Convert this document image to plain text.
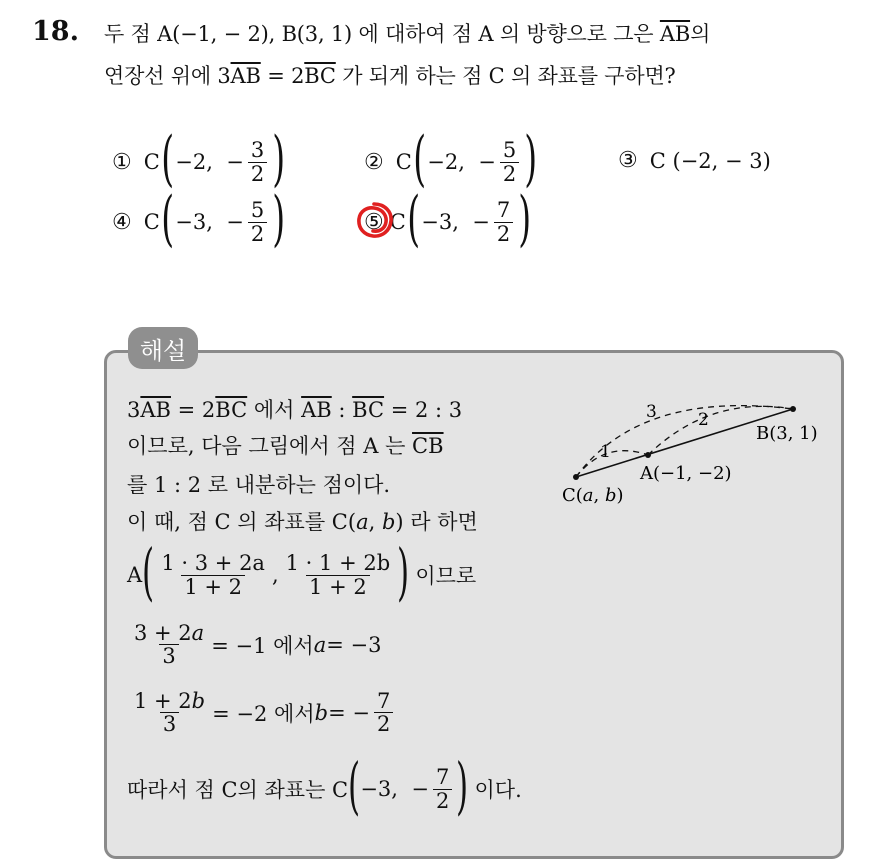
18. 두 점 A(−1, − 2), B(3, 1) 에 대하여 점 A 의 방향으로 그은 $\overline{AB}$의
연장선 위에 $3\overline{AB} = 2\overline{BC}$ 가 되게 하는 점 C 의 좌표를 구하면?
① C ( −2,
− $\frac{3}{2}$ )	② C ( −2,
− $\frac{5}{2}$ )	③ C
(−2, − 3)
④ C ( −3,
− $\frac{5}{2}$ )	⑤ C ( −3,
− $\frac{7}{2}$ )
해설
$3\overline{AB} = 2\overline{BC}$ 에서 $\overline{AB}$ : $\overline{BC} = 2$ : 3
이므로, 다음 그림에서 점 A 는 $\overline{CB}$
를 1 : 2 로 내분하는 점이다.
이 때, 점 C 의 좌표를 C(a, b) 라 하면
A ( $\frac{1 \cdot 3 + 2a}{1 + 2}$ , $\frac{1 \cdot 1 + 2b}{1 + 2}$ ) 이므로
$\frac{3 + 2a}{3} = -1$ 에서 a = −3
$\frac{1 + 2b}{3} = -2$ 에서 b = − $\frac{7}{2}$
따라서 점 C의 좌표는 C ( −3,
− $\frac{7}{2}$ ) 이다.
3 2
1
B(3, 1)
A(−1, −2)
C(a, b)
